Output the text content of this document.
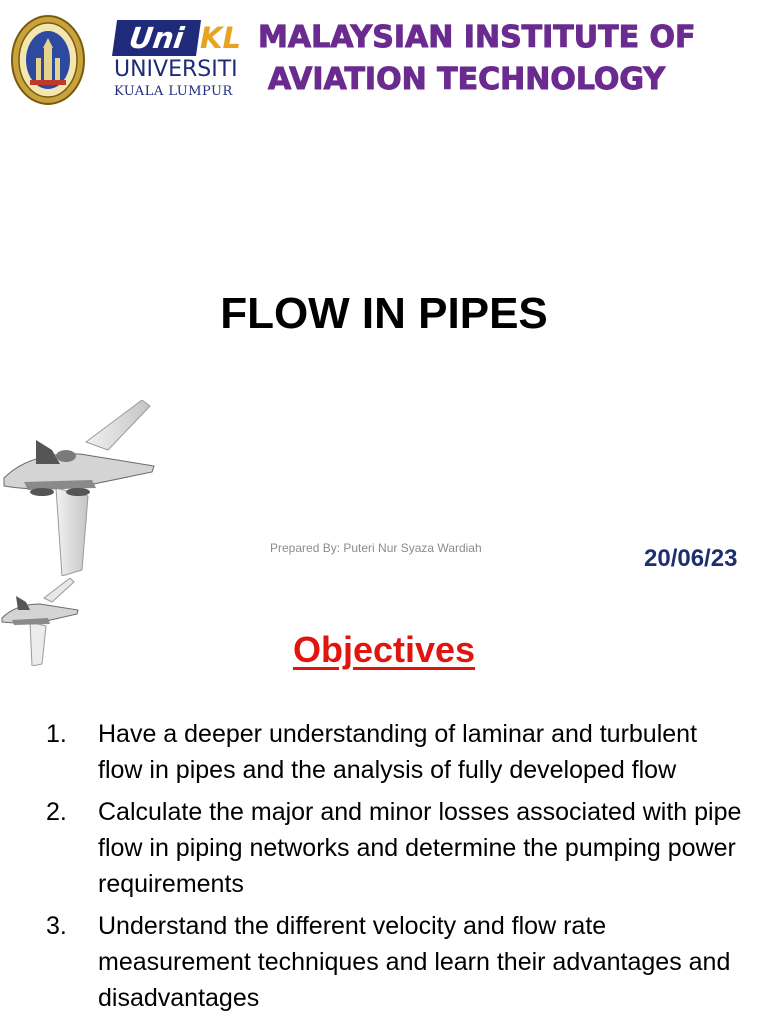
Uni KL
UNIVERSITI
KUALA LUMPUR
MALAYSIAN INSTITUTE OF
AVIATION TECHNOLOGY
FLOW IN PIPES
Prepared By: Puteri Nur Syaza Wardiah	20/06/23
Objectives
1.	Have a deeper understanding of laminar and turbulent flow in pipes and the analysis of fully developed flow
2.	Calculate the major and minor losses associated with pipe flow in piping networks and determine the pumping power requirements
3.	Understand the different velocity and flow rate measurement techniques and learn their advantages and disadvantages
